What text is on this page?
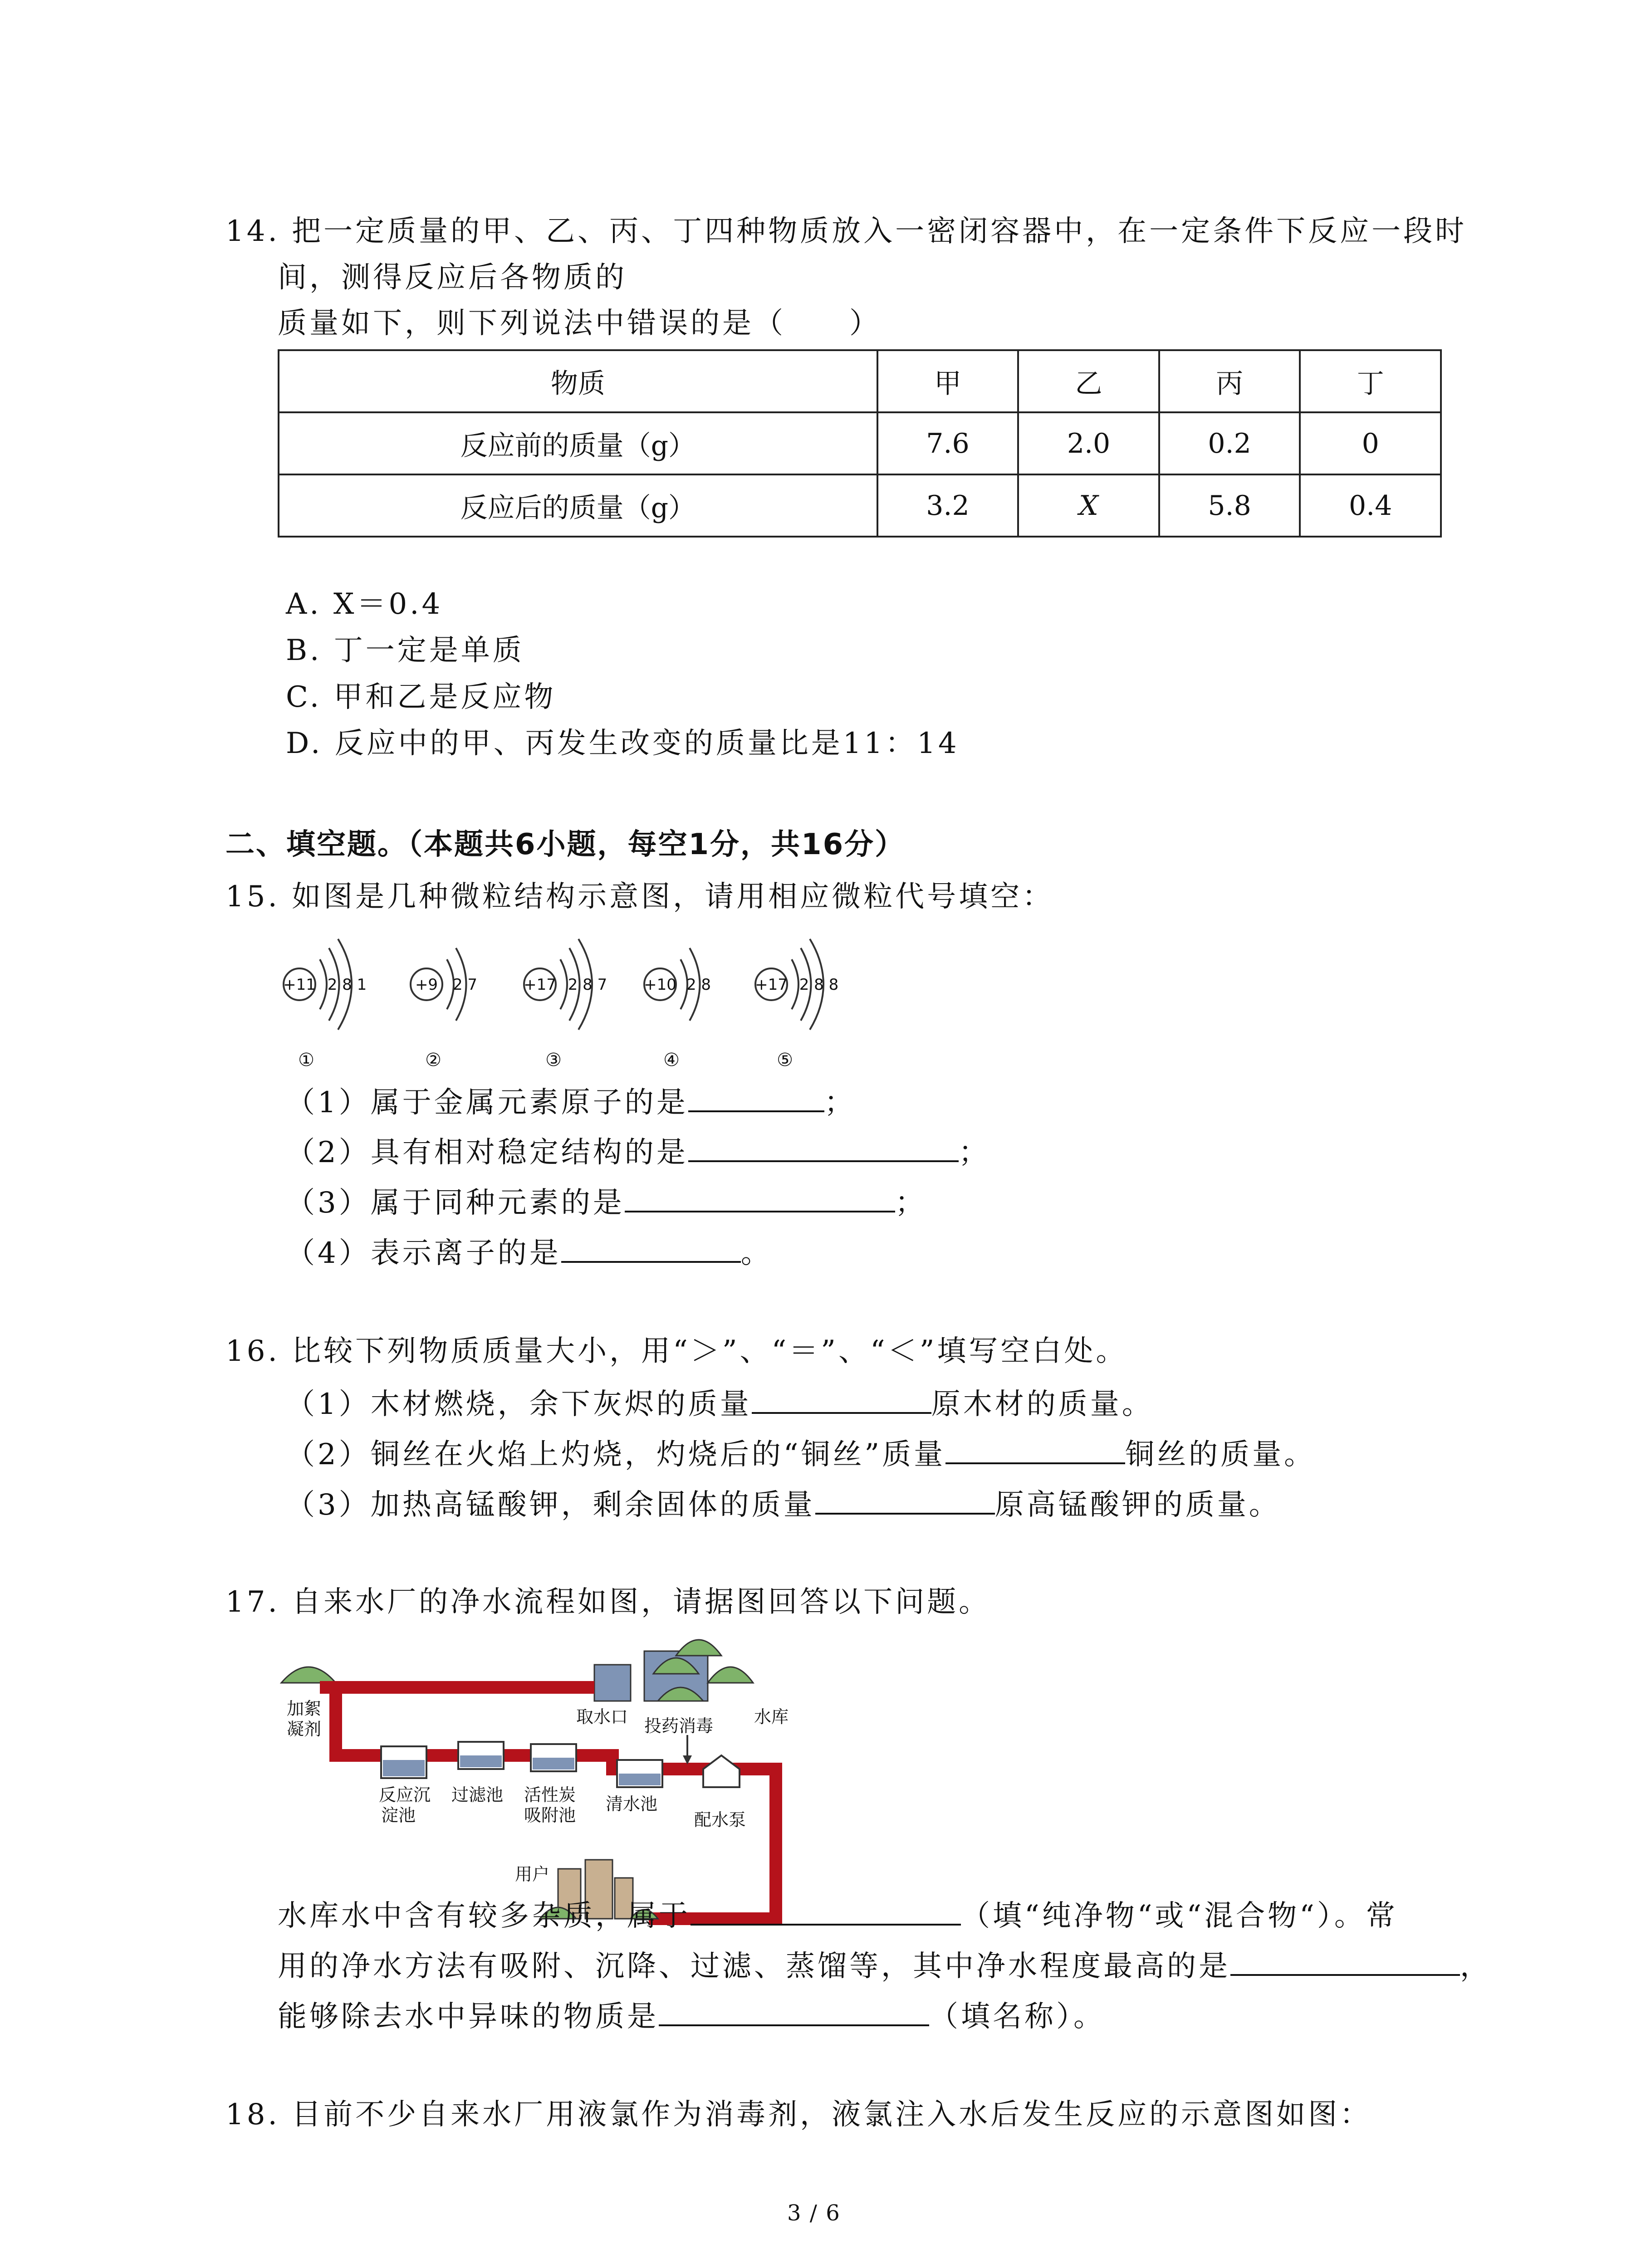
14. 把一定质量的甲、乙、丙、丁四种物质放入一密闭容器中，在一定条件下反应一段时
间，测得反应后各物质的
质量如下，则下列说法中错误的是（　　）
物质	甲	乙	丙	丁
反应前的质量（g）	7.6	2.0	0.2	0
反应后的质量（g）	3.2	X	5.8	0.4
A. X＝0.4
B. 丁一定是单质
C. 甲和乙是反应物
D. 反应中的甲、丙发生改变的质量比是11：14
二、填空题。（本题共6小题，每空1分，共16分）
15. 如图是几种微粒结构示意图，请用相应微粒代号填空：
+11 2 8 1
①
+9 2 7
②
+17 2 8 7
③
+10 2 8
④
+17 2 8 8
⑤
（1）属于金属元素原子的是	；
（2）具有相对稳定结构的是	；
（3）属于同种元素的是	；
（4）表示离子的是	。
16. 比较下列物质质量大小，用“＞”、“＝”、“＜”填写空白处。
（1）木材燃烧，余下灰烬的质量	原木材的质量。
（2）铜丝在火焰上灼烧，灼烧后的“铜丝”质量	铜丝的质量。
（3）加热高锰酸钾，剩余固体的质量	原高锰酸钾的质量。
17. 自来水厂的净水流程如图，请据图回答以下问题。
取水口	水库
加絮
凝剂	投药消毒
反应沉
淀池
过滤池 活性炭
吸附池
清水池
配水泵
用户
水库水中含有较多杂质，属于	（填“纯净物“或“混合物“）。常
用的净水方法有吸附、沉降、过滤、蒸馏等，其中净水程度最高的是	，
能够除去水中异味的物质是	（填名称）。
18. 目前不少自来水厂用液氯作为消毒剂，液氯注入水后发生反应的示意图如图：
3 / 6
